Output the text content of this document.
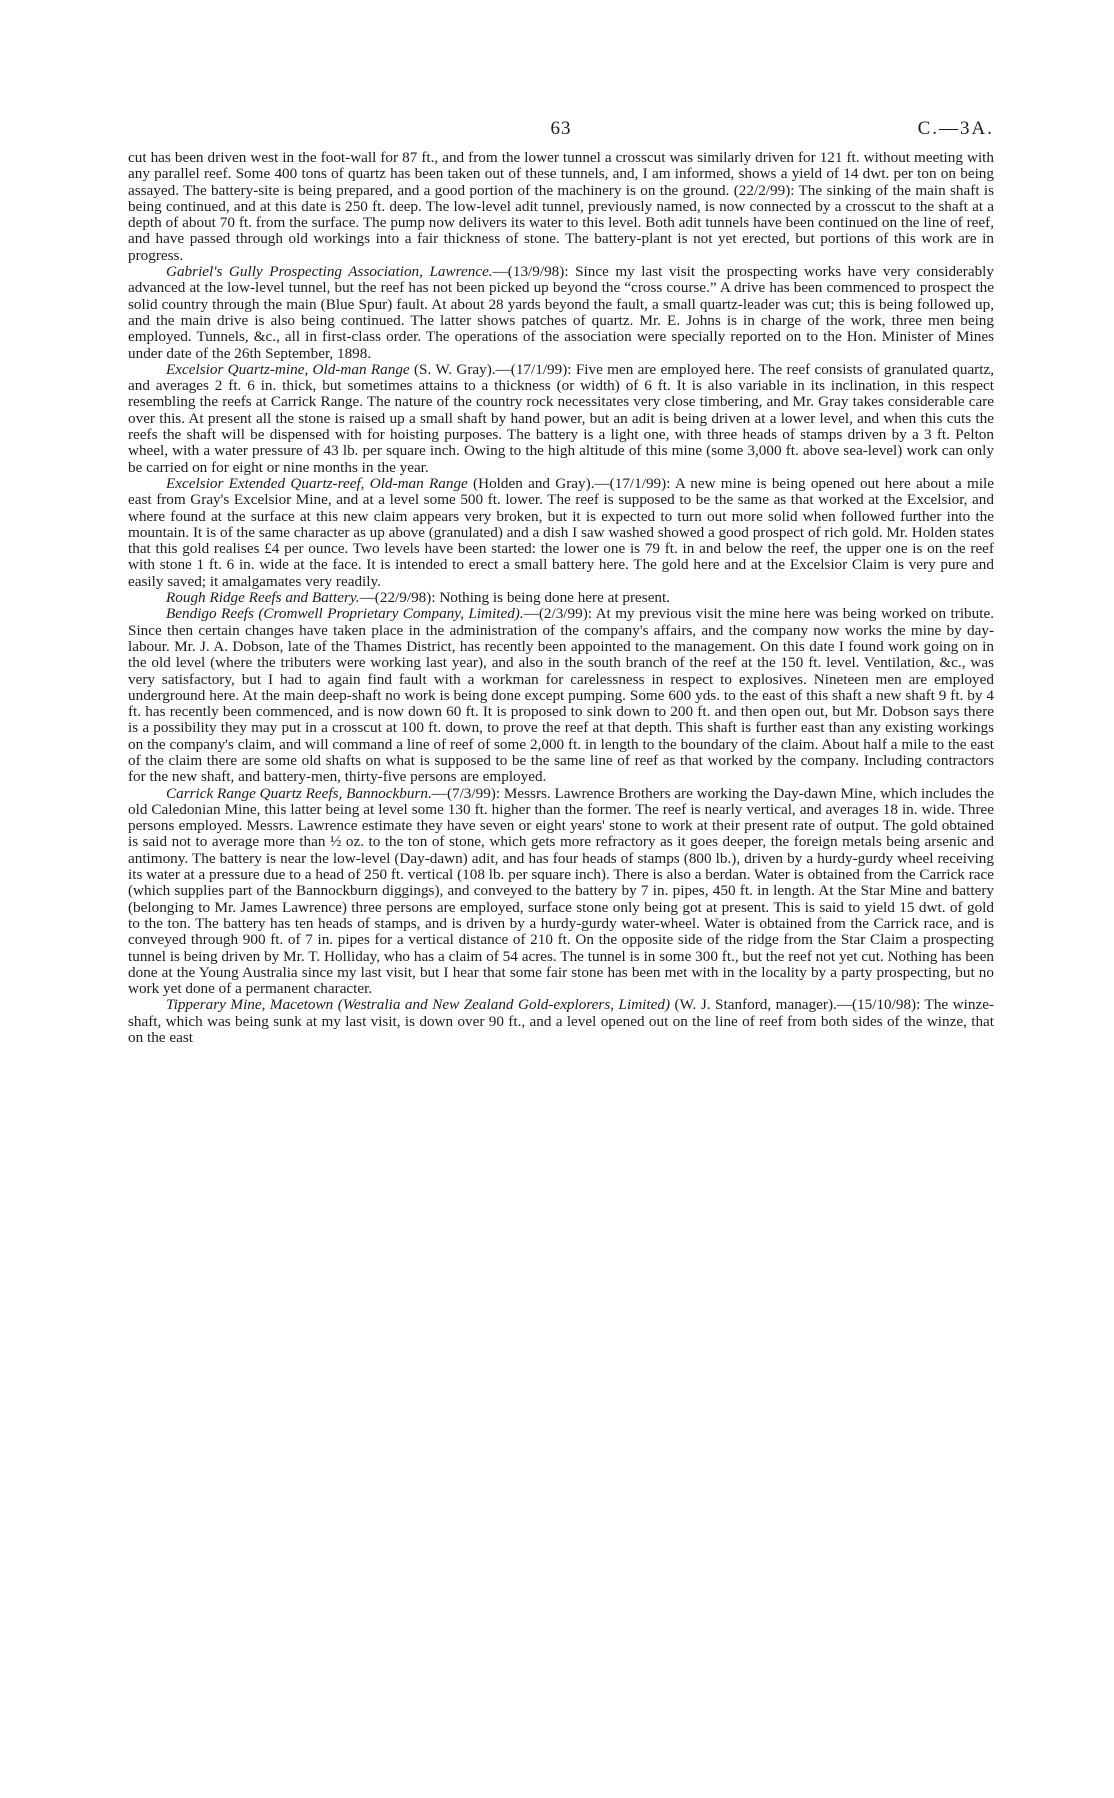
63	C.—3A.

cut has been driven west in the foot-wall for 87 ft., and from the lower tunnel a crosscut was similarly driven for 121 ft. without meeting with any parallel reef. Some 400 tons of quartz has been taken out of these tunnels, and, I am informed, shows a yield of 14 dwt. per ton on being assayed. The battery-site is being prepared, and a good portion of the machinery is on the ground. (22/2/99): The sinking of the main shaft is being continued, and at this date is 250 ft. deep. The low-level adit tunnel, previously named, is now connected by a crosscut to the shaft at a depth of about 70 ft. from the surface. The pump now delivers its water to this level. Both adit tunnels have been continued on the line of reef, and have passed through old workings into a fair thickness of stone. The battery-plant is not yet erected, but portions of this work are in progress.

Gabriel's Gully Prospecting Association, Lawrence.—(13/9/98): Since my last visit the prospecting works have very considerably advanced at the low-level tunnel, but the reef has not been picked up beyond the “cross course.” A drive has been commenced to prospect the solid country through the main (Blue Spur) fault. At about 28 yards beyond the fault, a small quartz-leader was cut; this is being followed up, and the main drive is also being continued. The latter shows patches of quartz. Mr. E. Johns is in charge of the work, three men being employed. Tunnels, &c., all in first-class order. The operations of the association were specially reported on to the Hon. Minister of Mines under date of the 26th September, 1898.

Excelsior Quartz-mine, Old-man Range (S. W. Gray).—(17/1/99): Five men are employed here. The reef consists of granulated quartz, and averages 2 ft. 6 in. thick, but sometimes attains to a thickness (or width) of 6 ft. It is also variable in its inclination, in this respect resembling the reefs at Carrick Range. The nature of the country rock necessitates very close timbering, and Mr. Gray takes considerable care over this. At present all the stone is raised up a small shaft by hand power, but an adit is being driven at a lower level, and when this cuts the reefs the shaft will be dispensed with for hoisting purposes. The battery is a light one, with three heads of stamps driven by a 3 ft. Pelton wheel, with a water pressure of 43 lb. per square inch. Owing to the high altitude of this mine (some 3,000 ft. above sea-level) work can only be carried on for eight or nine months in the year.

Excelsior Extended Quartz-reef, Old-man Range (Holden and Gray).—(17/1/99): A new mine is being opened out here about a mile east from Gray's Excelsior Mine, and at a level some 500 ft. lower. The reef is supposed to be the same as that worked at the Excelsior, and where found at the surface at this new claim appears very broken, but it is expected to turn out more solid when followed further into the mountain. It is of the same character as up above (granulated) and a dish I saw washed showed a good prospect of rich gold. Mr. Holden states that this gold realises £4 per ounce. Two levels have been started: the lower one is 79 ft. in and below the reef, the upper one is on the reef with stone 1 ft. 6 in. wide at the face. It is intended to erect a small battery here. The gold here and at the Excelsior Claim is very pure and easily saved; it amalgamates very readily.

Rough Ridge Reefs and Battery.—(22/9/98): Nothing is being done here at present.

Bendigo Reefs (Cromwell Proprietary Company, Limited).—(2/3/99): At my previous visit the mine here was being worked on tribute. Since then certain changes have taken place in the administration of the company's affairs, and the company now works the mine by day-labour. Mr. J. A. Dobson, late of the Thames District, has recently been appointed to the management. On this date I found work going on in the old level (where the tributers were working last year), and also in the south branch of the reef at the 150 ft. level. Ventilation, &c., was very satisfactory, but I had to again find fault with a workman for carelessness in respect to explosives. Nineteen men are employed underground here. At the main deep-shaft no work is being done except pumping. Some 600 yds. to the east of this shaft a new shaft 9 ft. by 4 ft. has recently been commenced, and is now down 60 ft. It is proposed to sink down to 200 ft. and then open out, but Mr. Dobson says there is a possibility they may put in a crosscut at 100 ft. down, to prove the reef at that depth. This shaft is further east than any existing workings on the company's claim, and will command a line of reef of some 2,000 ft. in length to the boundary of the claim. About half a mile to the east of the claim there are some old shafts on what is supposed to be the same line of reef as that worked by the company. Including contractors for the new shaft, and battery-men, thirty-five persons are employed.

Carrick Range Quartz Reefs, Bannockburn.—(7/3/99): Messrs. Lawrence Brothers are working the Day-dawn Mine, which includes the old Caledonian Mine, this latter being at level some 130 ft. higher than the former. The reef is nearly vertical, and averages 18 in. wide. Three persons employed. Messrs. Lawrence estimate they have seven or eight years' stone to work at their present rate of output. The gold obtained is said not to average more than ½ oz. to the ton of stone, which gets more refractory as it goes deeper, the foreign metals being arsenic and antimony. The battery is near the low-level (Day-dawn) adit, and has four heads of stamps (800 lb.), driven by a hurdy-gurdy wheel receiving its water at a pressure due to a head of 250 ft. vertical (108 lb. per square inch). There is also a berdan. Water is obtained from the Carrick race (which supplies part of the Bannockburn diggings), and conveyed to the battery by 7 in. pipes, 450 ft. in length. At the Star Mine and battery (belonging to Mr. James Lawrence) three persons are employed, surface stone only being got at present. This is said to yield 15 dwt. of gold to the ton. The battery has ten heads of stamps, and is driven by a hurdy-gurdy water-wheel. Water is obtained from the Carrick race, and is conveyed through 900 ft. of 7 in. pipes for a vertical distance of 210 ft. On the opposite side of the ridge from the Star Claim a prospecting tunnel is being driven by Mr. T. Holliday, who has a claim of 54 acres. The tunnel is in some 300 ft., but the reef not yet cut. Nothing has been done at the Young Australia since my last visit, but I hear that some fair stone has been met with in the locality by a party prospecting, but no work yet done of a permanent character.

Tipperary Mine, Macetown (Westralia and New Zealand Gold-explorers, Limited) (W. J. Stanford, manager).—(15/10/98): The winze-shaft, which was being sunk at my last visit, is down over 90 ft., and a level opened out on the line of reef from both sides of the winze, that on the east
